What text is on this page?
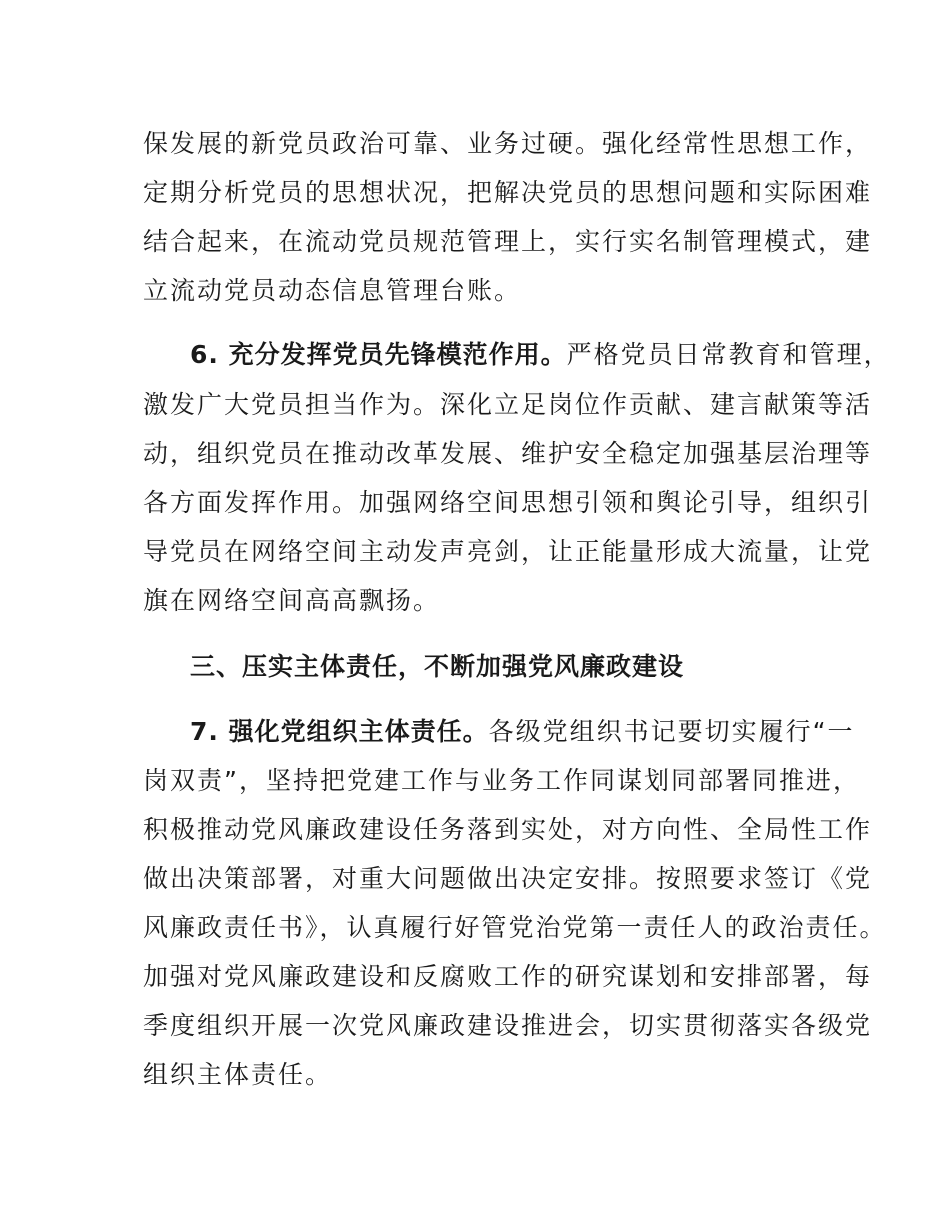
保发展的新党员政治可靠、业务过硬。强化经常性思想工作，
定期分析党员的思想状况，把解决党员的思想问题和实际困难
结合起来，在流动党员规范管理上，实行实名制管理模式，建
立流动党员动态信息管理台账。
6. 充分发挥党员先锋模范作用。严格党员日常教育和管理，
激发广大党员担当作为。深化立足岗位作贡献、建言献策等活
动，组织党员在推动改革发展、维护安全稳定加强基层治理等
各方面发挥作用。加强网络空间思想引领和舆论引导，组织引
导党员在网络空间主动发声亮剑，让正能量形成大流量，让党
旗在网络空间高高飘扬。
三、压实主体责任，不断加强党风廉政建设
7. 强化党组织主体责任。各级党组织书记要切实履行“一
岗双责”，坚持把党建工作与业务工作同谋划同部署同推进，
积极推动党风廉政建设任务落到实处，对方向性、全局性工作
做出决策部署，对重大问题做出决定安排。按照要求签订《党
风廉政责任书》，认真履行好管党治党第一责任人的政治责任。
加强对党风廉政建设和反腐败工作的研究谋划和安排部署，每
季度组织开展一次党风廉政建设推进会，切实贯彻落实各级党
组织主体责任。
